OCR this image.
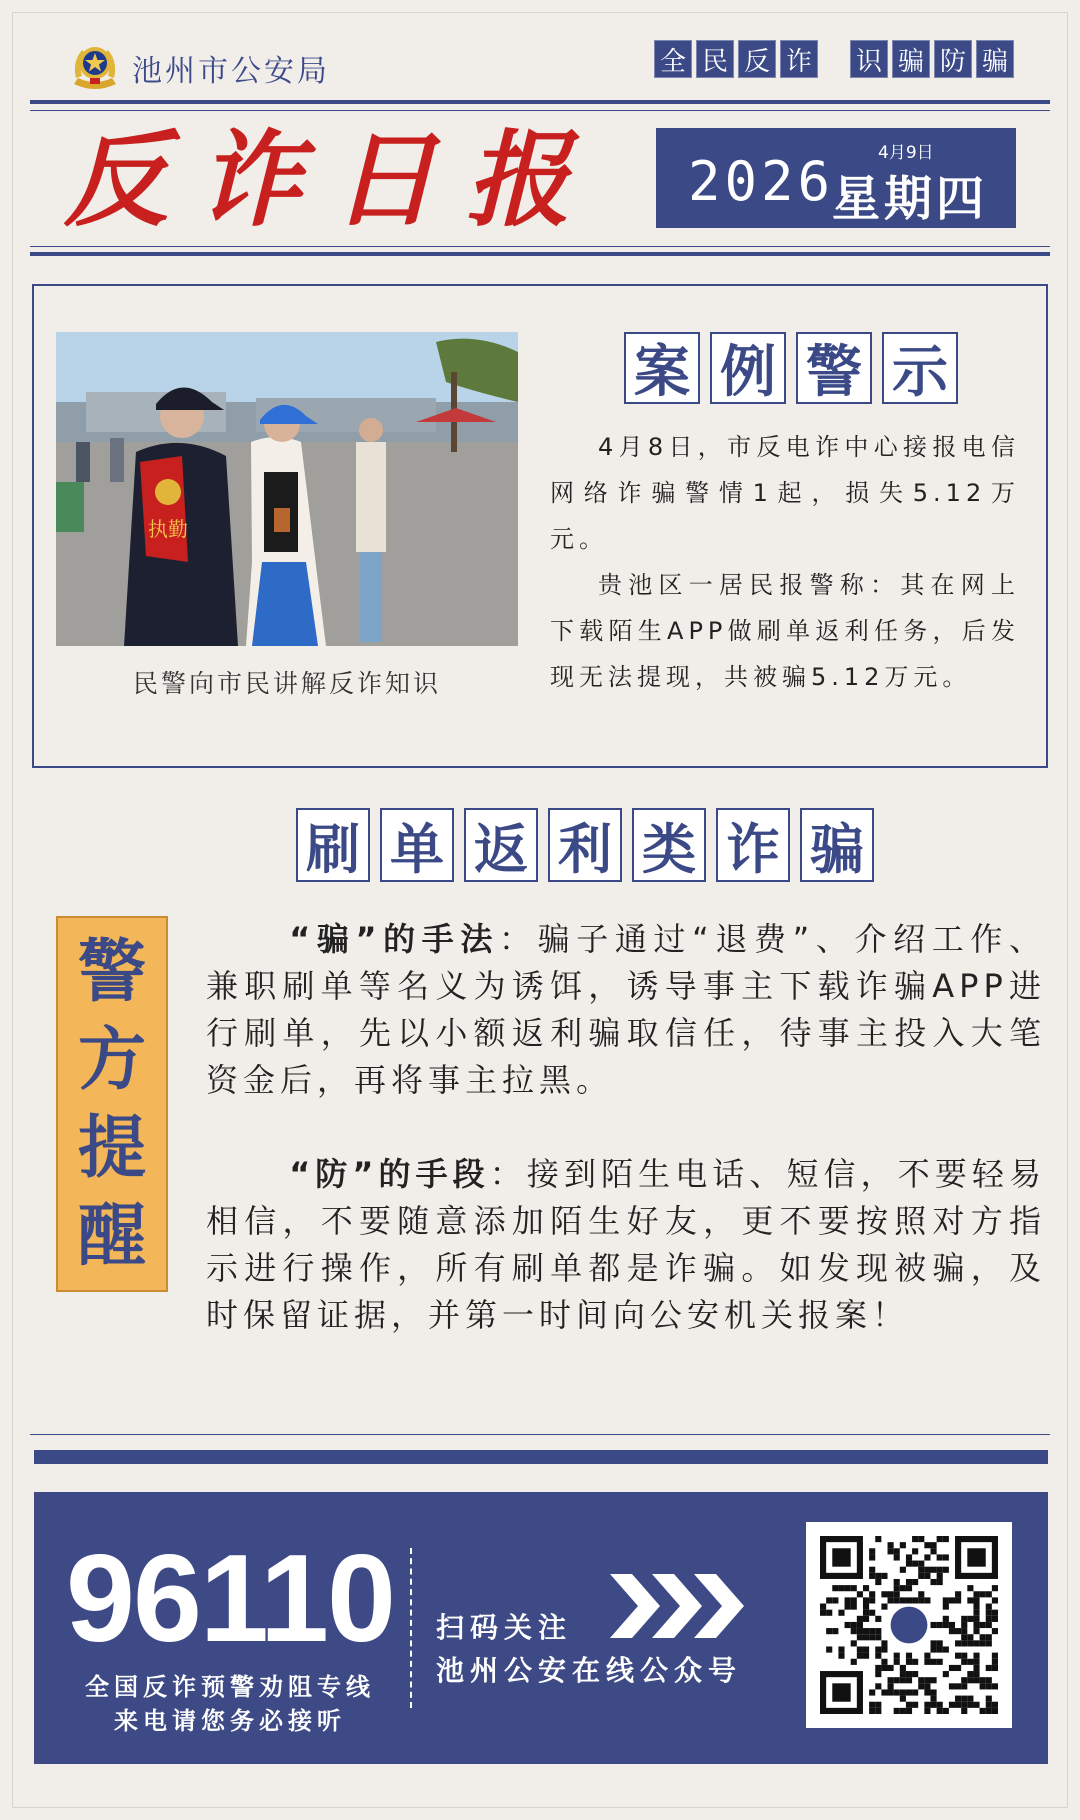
池州市公安局	全 民 反 诈 识 骗 防 骗
反诈日报	4月9日
2026
星期四
执勤
民警向市民讲解反诈知识
案 例 警 示

4月8日，市反电诈中心接报电信网络诈骗警情1起，损失5.12万元。

贵池区一居民报警称：其在网上下载陌生APP做刷单返利任务，后发现无法提现，共被骗5.12万元。

刷 单 返 利 类 诈 骗
警
方
提
醒

“骗”的手法：骗子通过“退费”、介绍工作、兼职刷单等名义为诱饵，诱导事主下载诈骗APP进行刷单，先以小额返利骗取信任，待事主投入大笔资金后，再将事主拉黑。

“防”的手段：接到陌生电话、短信，不要轻易相信，不要随意添加陌生好友，更不要按照对方指示进行操作，所有刷单都是诈骗。如发现被骗，及时保留证据，并第一时间向公安机关报案！

96110
全国反诈预警劝阻专线
来电请您务必接听
扫码关注
池州公安在线公众号
